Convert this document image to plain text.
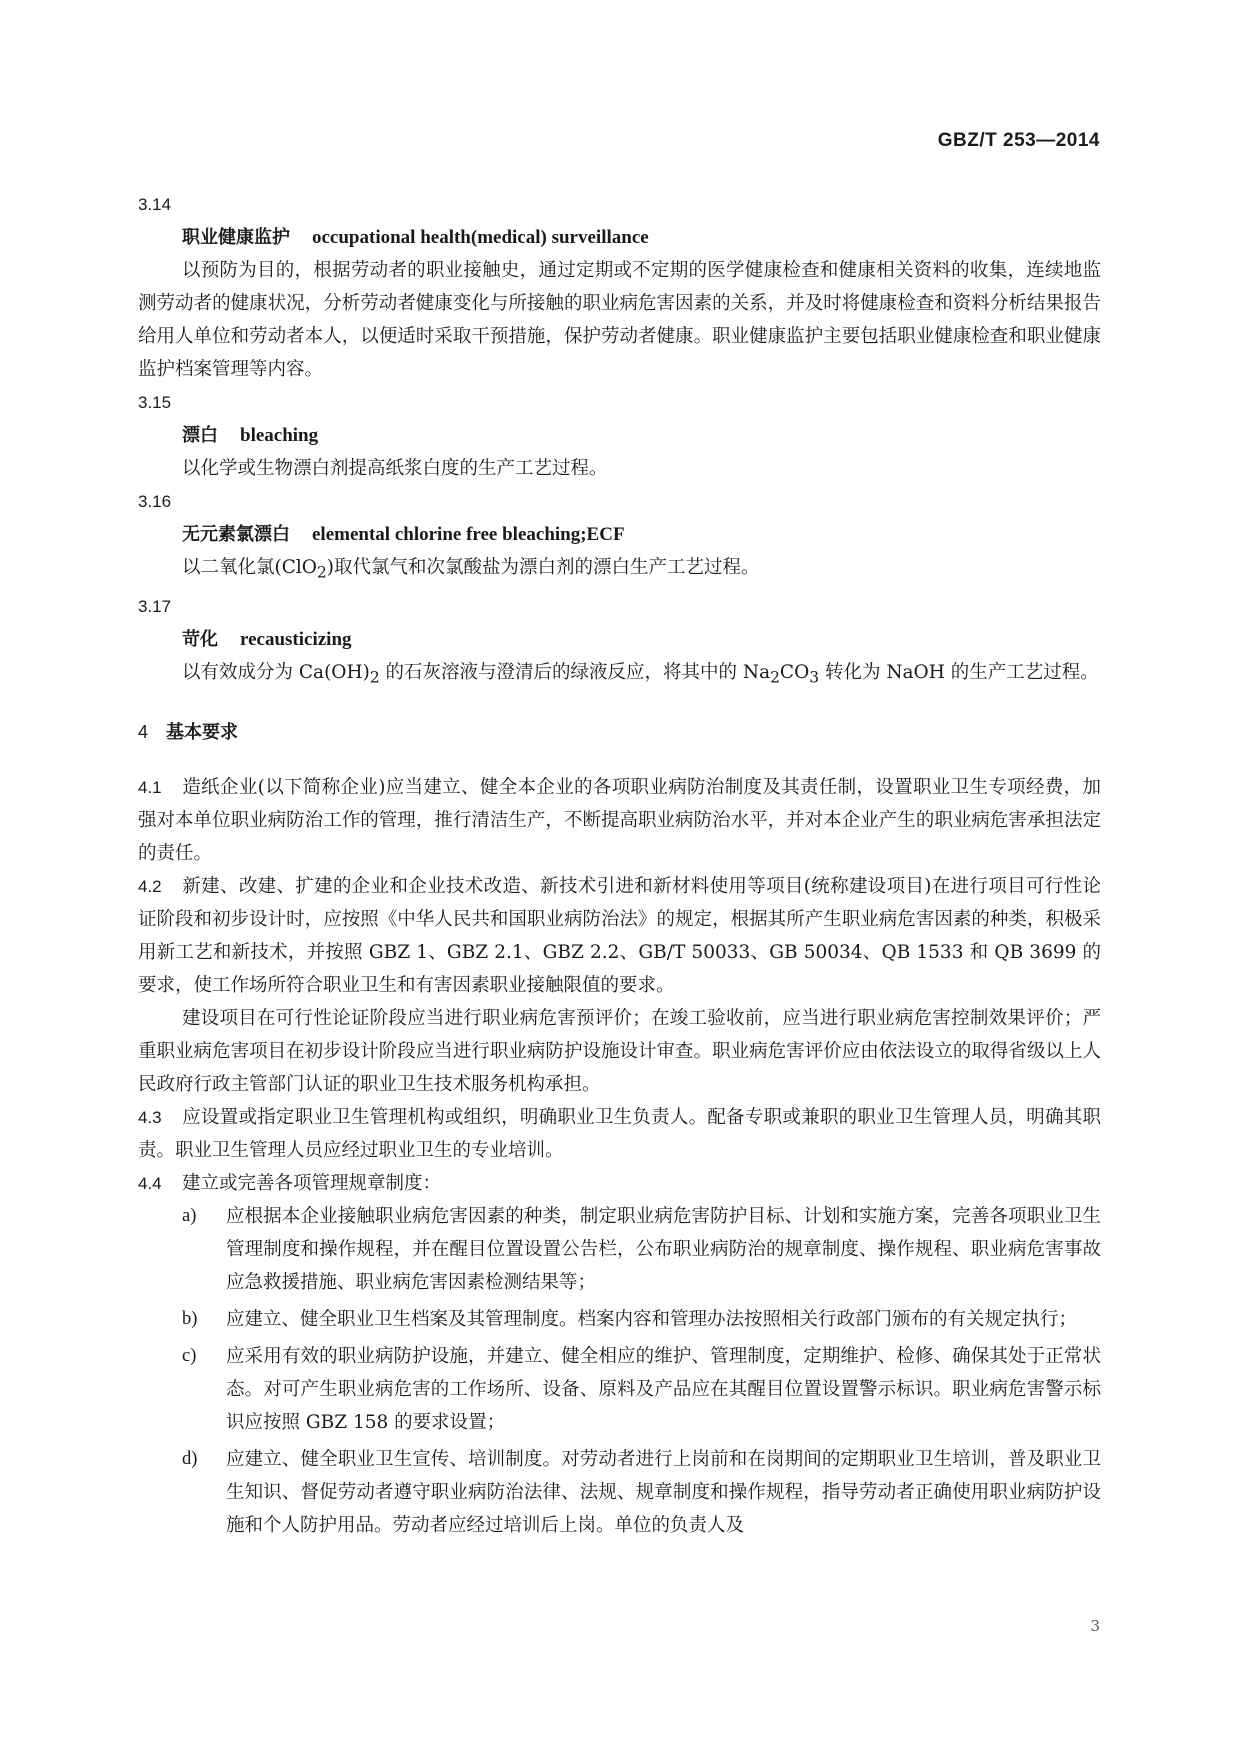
GBZ/T 253—2014
3.14
职业健康监护 occupational health(medical) surveillance
以预防为目的，根据劳动者的职业接触史，通过定期或不定期的医学健康检查和健康相关资料的收集，连续地监测劳动者的健康状况，分析劳动者健康变化与所接触的职业病危害因素的关系，并及时将健康检查和资料分析结果报告给用人单位和劳动者本人，以便适时采取干预措施，保护劳动者健康。职业健康监护主要包括职业健康检查和职业健康监护档案管理等内容。
3.15
漂白 bleaching
以化学或生物漂白剂提高纸浆白度的生产工艺过程。
3.16
无元素氯漂白 elemental chlorine free bleaching;ECF
以二氧化氯(ClO$_2$)取代氯气和次氯酸盐为漂白剂的漂白生产工艺过程。
3.17
苛化 recausticizing
以有效成分为 $Ca(OH)_2$ 的石灰溶液与澄清后的绿液反应，将其中的 $Na_2CO_3$ 转化为 NaOH 的生产工艺过程。
4 基本要求
4.1 造纸企业(以下简称企业)应当建立、健全本企业的各项职业病防治制度及其责任制，设置职业卫生专项经费，加强对本单位职业病防治工作的管理，推行清洁生产，不断提高职业病防治水平，并对本企业产生的职业病危害承担法定的责任。
4.2 新建、改建、扩建的企业和企业技术改造、新技术引进和新材料使用等项目(统称建设项目)在进行项目可行性论证阶段和初步设计时，应按照《中华人民共和国职业病防治法》的规定，根据其所产生职业病危害因素的种类，积极采用新工艺和新技术，并按照 GBZ 1、GBZ 2.1、GBZ 2.2、GB/T 50033、GB 50034、QB 1533 和 QB 3699 的要求，使工作场所符合职业卫生和有害因素职业接触限值的要求。
建设项目在可行性论证阶段应当进行职业病危害预评价；在竣工验收前，应当进行职业病危害控制效果评价；严重职业病危害项目在初步设计阶段应当进行职业病防护设施设计审查。职业病危害评价应由依法设立的取得省级以上人民政府行政主管部门认证的职业卫生技术服务机构承担。
4.3 应设置或指定职业卫生管理机构或组织，明确职业卫生负责人。配备专职或兼职的职业卫生管理人员，明确其职责。职业卫生管理人员应经过职业卫生的专业培训。
4.4 建立或完善各项管理规章制度：
a)	应根据本企业接触职业病危害因素的种类，制定职业病危害防护目标、计划和实施方案，完善各项职业卫生管理制度和操作规程，并在醒目位置设置公告栏，公布职业病防治的规章制度、操作规程、职业病危害事故应急救援措施、职业病危害因素检测结果等；
b)	应建立、健全职业卫生档案及其管理制度。档案内容和管理办法按照相关行政部门颁布的有关规定执行；
c)	应采用有效的职业病防护设施，并建立、健全相应的维护、管理制度，定期维护、检修、确保其处于正常状态。对可产生职业病危害的工作场所、设备、原料及产品应在其醒目位置设置警示标识。职业病危害警示标识应按照 GBZ 158 的要求设置；
d)	应建立、健全职业卫生宣传、培训制度。对劳动者进行上岗前和在岗期间的定期职业卫生培训，普及职业卫生知识、督促劳动者遵守职业病防治法律、法规、规章制度和操作规程，指导劳动者正确使用职业病防护设施和个人防护用品。劳动者应经过培训后上岗。单位的负责人及
3
